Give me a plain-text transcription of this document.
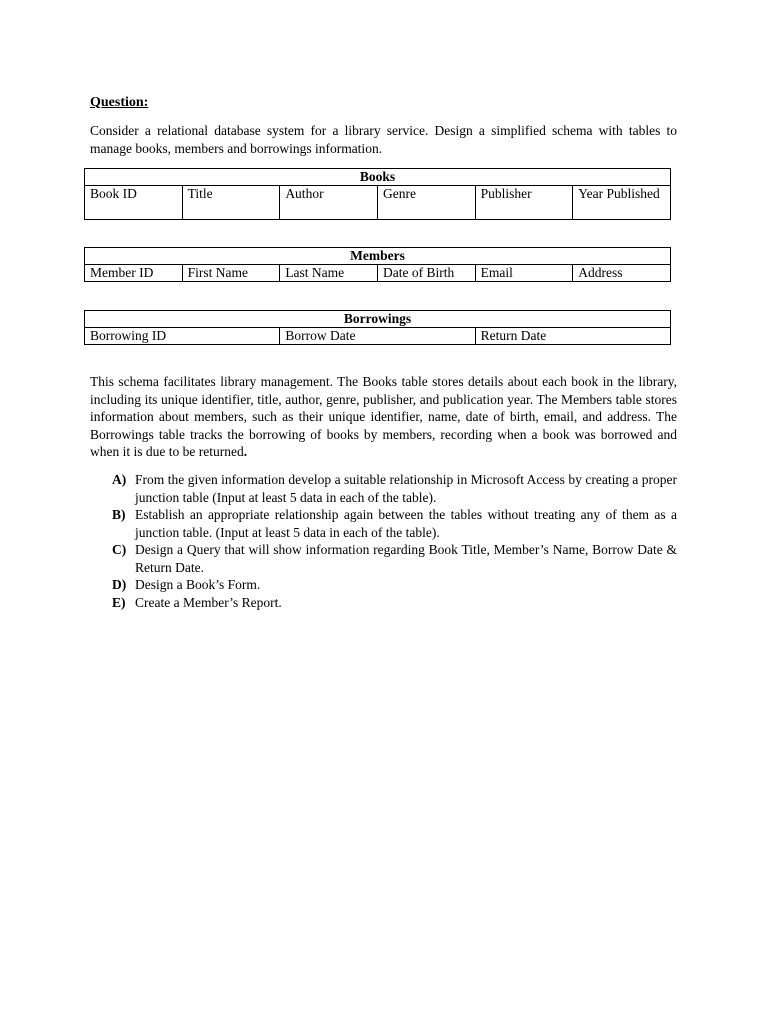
Question:

Consider a relational database system for a library service. Design a simplified schema with tables to manage books, members and borrowings information.

Books
Book ID	Title	Author	Genre	Publisher	Year Published
Members
Member ID	First Name	Last Name	Date of Birth	Email	Address
Borrowings
Borrowing ID	Borrow Date	Return Date

This schema facilitates library management. The Books table stores details about each book in the library, including its unique identifier, title, author, genre, publisher, and publication year. The Members table stores information about members, such as their unique identifier, name, date of birth, email, and address. The Borrowings table tracks the borrowing of books by members, recording when a book was borrowed and when it is due to be returned.

A) From the given information develop a suitable relationship in Microsoft Access by creating a proper junction table (Input at least 5 data in each of the table).
B) Establish an appropriate relationship again between the tables without treating any of them as a junction table. (Input at least 5 data in each of the table).
C) Design a Query that will show information regarding Book Title, Member’s Name, Borrow Date & Return Date.
D) Design a Book’s Form.
E) Create a Member’s Report.
